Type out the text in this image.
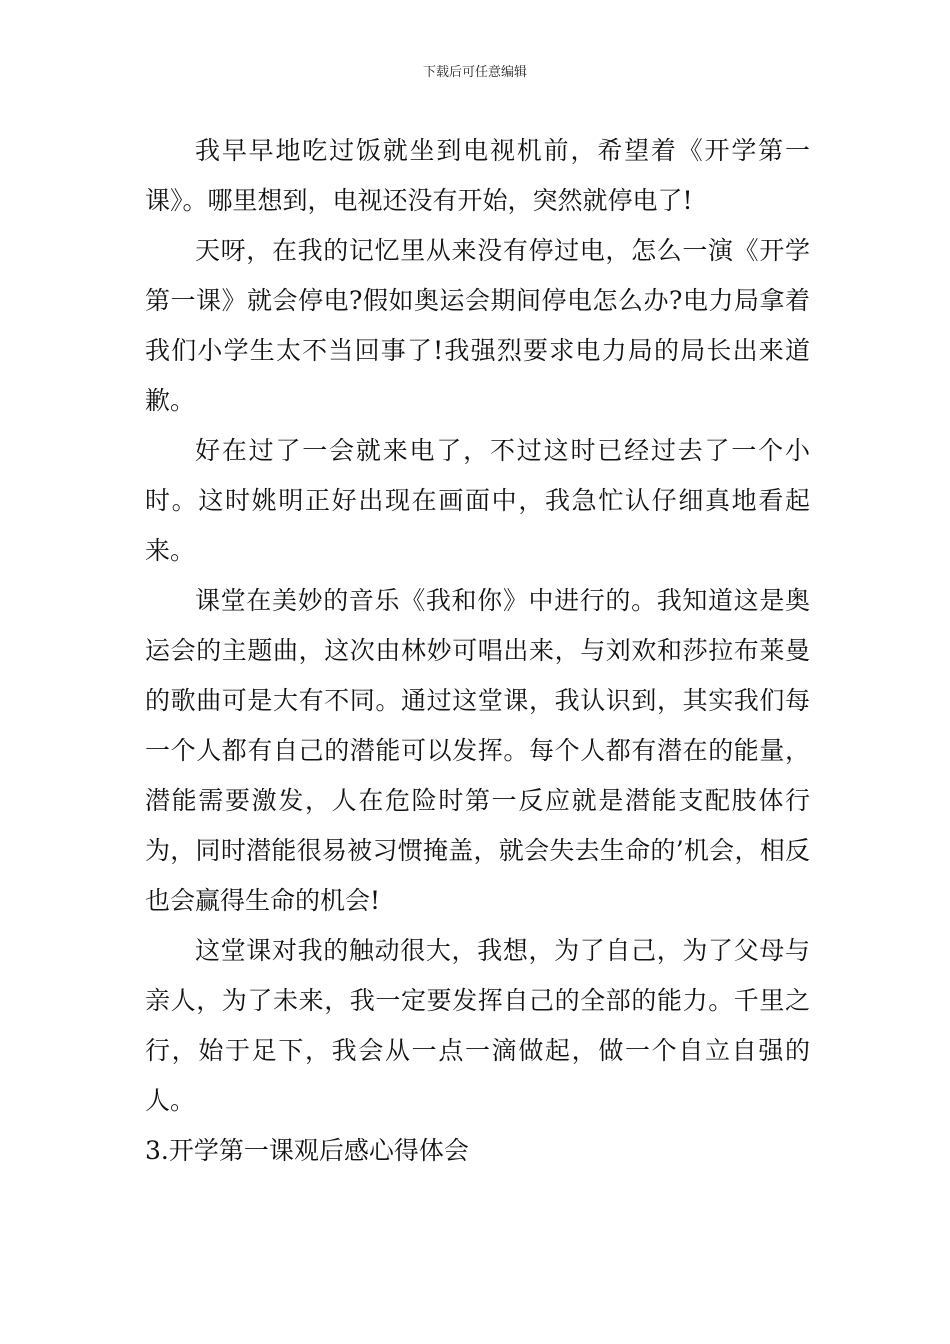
下载后可任意编辑

我早早地吃过饭就坐到电视机前，希望着《开学第一课》。哪里想到，电视还没有开始，突然就停电了!

天呀，在我的记忆里从来没有停过电，怎么一演《开学第一课》就会停电?假如奥运会期间停电怎么办?电力局拿着我们小学生太不当回事了!我强烈要求电力局的局长出来道歉。

好在过了一会就来电了，不过这时已经过去了一个小时。这时姚明正好出现在画面中，我急忙认仔细真地看起来。

课堂在美妙的音乐《我和你》中进行的。我知道这是奥运会的主题曲，这次由林妙可唱出来，与刘欢和莎拉布莱曼的歌曲可是大有不同。通过这堂课，我认识到，其实我们每一个人都有自己的潜能可以发挥。每个人都有潜在的能量，潜能需要激发，人在危险时第一反应就是潜能支配肢体行为，同时潜能很易被习惯掩盖，就会失去生命的’机会，相反也会赢得生命的机会!

这堂课对我的触动很大，我想，为了自己，为了父母与亲人，为了未来，我一定要发挥自己的全部的能力。千里之行，始于足下，我会从一点一滴做起，做一个自立自强的人。

3.开学第一课观后感心得体会
